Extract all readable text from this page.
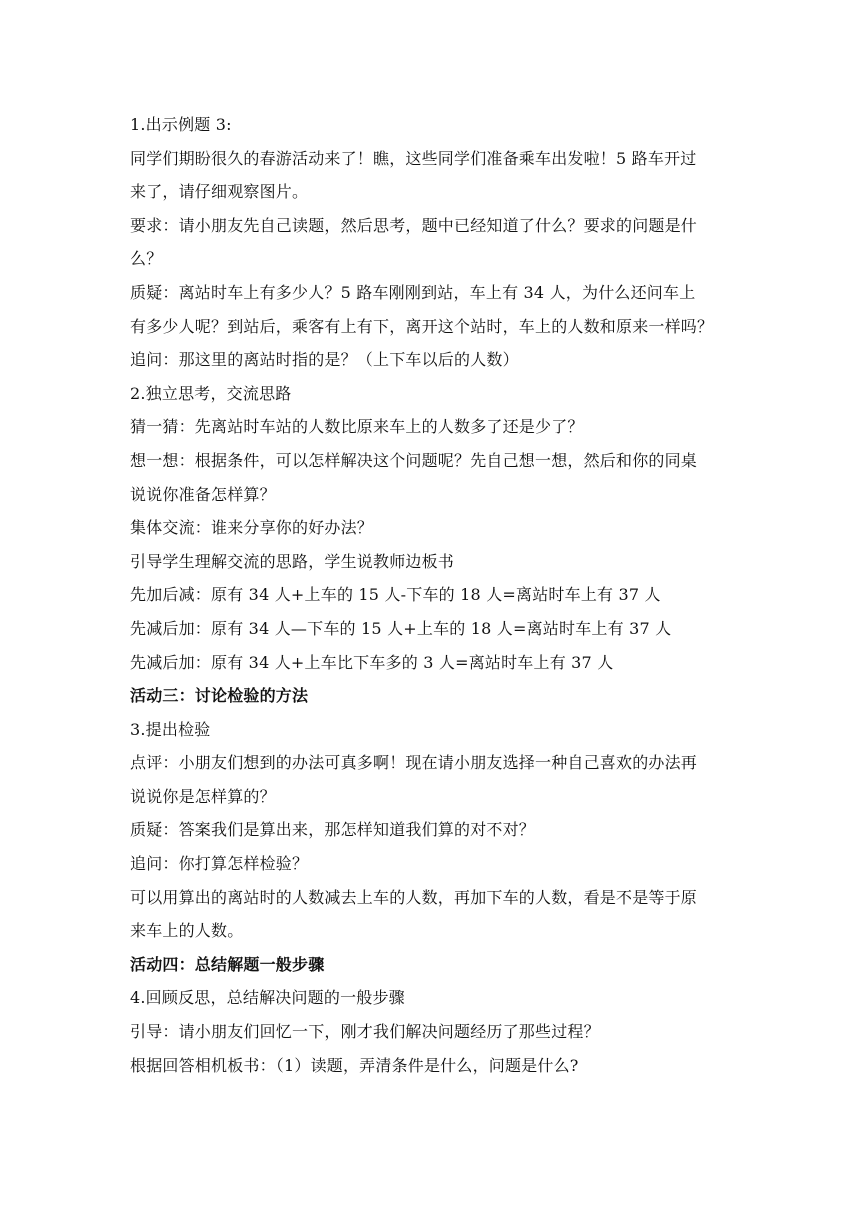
1.出示例题 3:
同学们期盼很久的春游活动来了！瞧，这些同学们准备乘车出发啦！5 路车开过
来了，请仔细观察图片。
要求：请小朋友先自己读题，然后思考，题中已经知道了什么？要求的问题是什
么？
质疑：离站时车上有多少人？5 路车刚刚到站，车上有 34 人，为什么还问车上
有多少人呢？到站后，乘客有上有下，离开这个站时，车上的人数和原来一样吗？
追问：那这里的离站时指的是？（上下车以后的人数）
2.独立思考，交流思路
猜一猜：先离站时车站的人数比原来车上的人数多了还是少了？
想一想：根据条件，可以怎样解决这个问题呢？先自己想一想，然后和你的同桌
说说你准备怎样算？
集体交流：谁来分享你的好办法？
引导学生理解交流的思路，学生说教师边板书
先加后减：原有 34 人+上车的 15 人-下车的 18 人=离站时车上有 37 人
先减后加：原有 34 人—下车的 15 人+上车的 18 人=离站时车上有 37 人
先减后加：原有 34 人+上车比下车多的 3 人=离站时车上有 37 人
活动三：讨论检验的方法
3.提出检验
点评：小朋友们想到的办法可真多啊！现在请小朋友选择一种自己喜欢的办法再
说说你是怎样算的？
质疑：答案我们是算出来，那怎样知道我们算的对不对？
追问：你打算怎样检验？
可以用算出的离站时的人数减去上车的人数，再加下车的人数，看是不是等于原
来车上的人数。
活动四：总结解题一般步骤
4.回顾反思，总结解决问题的一般步骤
引导：请小朋友们回忆一下，刚才我们解决问题经历了那些过程？
根据回答相机板书：（1）读题，弄清条件是什么，问题是什么?
